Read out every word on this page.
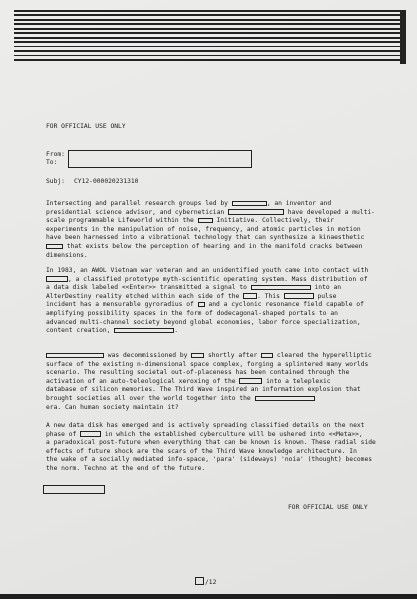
FOR OFFICIAL USE ONLY
From:
To:
Subj: CY12-000020231310
Intersecting and parallel research groups led by	, an inventor and
presidential science advisor, and cybernetician	have developed a multi-
scale programmable Lifeworld within the  Initiative. Collectively, their
experiments in the manipulation of noise, frequency, and atomic particles in motion
have been harnessed into a vibrational technology that can synthesize a kinaesthetic
that exists below the perception of hearing and in the manifold cracks between
dimensions.
In 1983, an AWOL Vietnam war veteran and an unidentified youth came into contact with
, a classified prototype myth-scientific operating system. Mass distribution of
a data disk labeled <<Enter>> transmitted a signal to	into an
AlterDestiny reality etched within each side of the . This	pulse
incident has a mensurable gyroradius of  and a cyclonic resonance field capable of
amplifying possibility spaces in the form of dodecagonal-shaped portals to an
advanced multi-channel society beyond global economies, labor force specialization,
content creation,	.
was decommissioned by  shortly after  cleared the hyperelliptic
surface of the existing n-dimensional space complex, forging a splintered many worlds
scenario. The resulting societal out-of-placeness has been contained through the
activation of an auto-teleological xeroxing of the	into a teleplexic
database of silicon memories. The Third Wave inspired an information explosion that
brought societies all over the world together into the
era. Can human society maintain it?
A new data disk has emerged and is actively spreading classified details on the next
phase of	in which the established cyberculture will be ushered into <<Meta>>,
a paradoxical post-future when everything that can be known is known. These radial side
effects of future shock are the scars of the Third Wave knowledge architecture. In
the wake of a socially mediated info-space, 'para' (sideways) 'noia' (thought) becomes
the norm. Techno at the end of the future.
FOR OFFICIAL USE ONLY
/12
